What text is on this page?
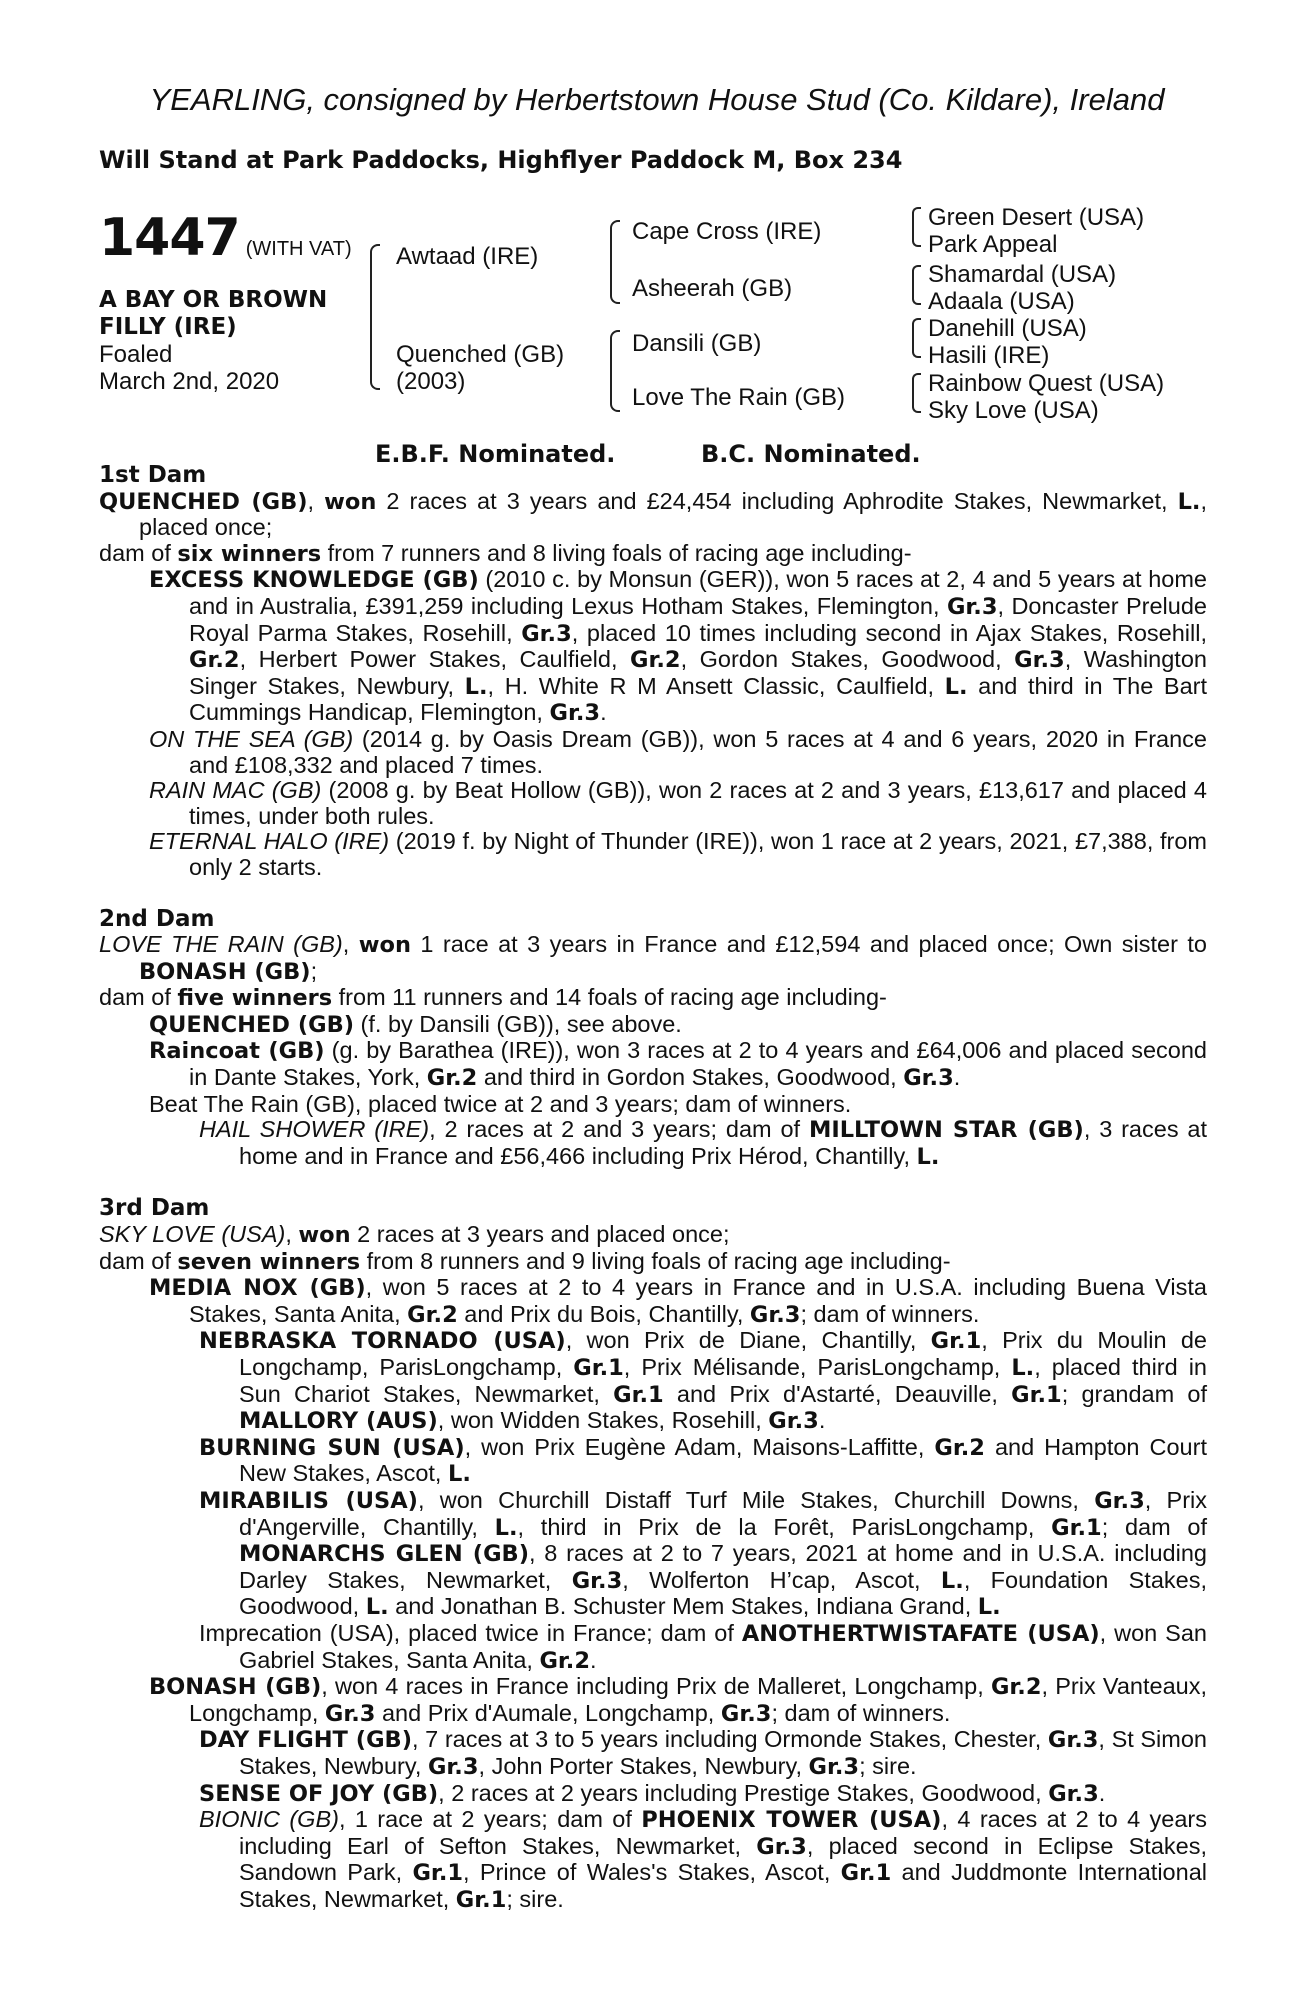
YEARLING, consigned by Herbertstown House Stud (Co. Kildare), Ireland
Will Stand at Park Paddocks, Highflyer Paddock M, Box 234
1447 (WITH VAT)
A BAY OR BROWN
FILLY (IRE)
Foaled
March 2nd, 2020
Awtaad (IRE)
Quenched (GB)
(2003)
Cape Cross (IRE)
Asheerah (GB)
Dansili (GB)
Love The Rain (GB)
Green Desert (USA)
Park Appeal
Shamardal (USA)
Adaala (USA)
Danehill (USA)
Hasili (IRE)
Rainbow Quest (USA)
Sky Love (USA)
E.B.F. Nominated.	B.C. Nominated.
1st Dam
QUENCHED (GB), won 2 races at 3 years and £24,454 including Aphrodite Stakes, Newmarket, L., placed once;
dam of six winners from 7 runners and 8 living foals of racing age including-
EXCESS KNOWLEDGE (GB) (2010 c. by Monsun (GER)), won 5 races at 2, 4 and 5 years at home and in Australia, £391,259 including Lexus Hotham Stakes, Flemington, Gr.3, Doncaster Prelude Royal Parma Stakes, Rosehill, Gr.3, placed 10 times including second in Ajax Stakes, Rosehill, Gr.2, Herbert Power Stakes, Caulfield, Gr.2, Gordon Stakes, Goodwood, Gr.3, Washington Singer Stakes, Newbury, L., H. White R M Ansett Classic, Caulfield, L. and third in The Bart Cummings Handicap, Flemington, Gr.3.
ON THE SEA (GB) (2014 g. by Oasis Dream (GB)), won 5 races at 4 and 6 years, 2020 in France and £108,332 and placed 7 times.
RAIN MAC (GB) (2008 g. by Beat Hollow (GB)), won 2 races at 2 and 3 years, £13,617 and placed 4 times, under both rules.
ETERNAL HALO (IRE) (2019 f. by Night of Thunder (IRE)), won 1 race at 2 years, 2021, £7,388, from only 2 starts.
2nd Dam
LOVE THE RAIN (GB), won 1 race at 3 years in France and £12,594 and placed once; Own sister to BONASH (GB);
dam of five winners from 11 runners and 14 foals of racing age including-
QUENCHED (GB) (f. by Dansili (GB)), see above.
Raincoat (GB) (g. by Barathea (IRE)), won 3 races at 2 to 4 years and £64,006 and placed second in Dante Stakes, York, Gr.2 and third in Gordon Stakes, Goodwood, Gr.3.
Beat The Rain (GB), placed twice at 2 and 3 years; dam of winners.
HAIL SHOWER (IRE), 2 races at 2 and 3 years; dam of MILLTOWN STAR (GB), 3 races at home and in France and £56,466 including Prix Hérod, Chantilly, L.
3rd Dam
SKY LOVE (USA), won 2 races at 3 years and placed once;
dam of seven winners from 8 runners and 9 living foals of racing age including-
MEDIA NOX (GB), won 5 races at 2 to 4 years in France and in U.S.A. including Buena Vista Stakes, Santa Anita, Gr.2 and Prix du Bois, Chantilly, Gr.3; dam of winners.
NEBRASKA TORNADO (USA), won Prix de Diane, Chantilly, Gr.1, Prix du Moulin de Longchamp, ParisLongchamp, Gr.1, Prix Mélisande, ParisLongchamp, L., placed third in Sun Chariot Stakes, Newmarket, Gr.1 and Prix d'Astarté, Deauville, Gr.1; grandam of MALLORY (AUS), won Widden Stakes, Rosehill, Gr.3.
BURNING SUN (USA), won Prix Eugène Adam, Maisons-Laffitte, Gr.2 and Hampton Court New Stakes, Ascot, L.
MIRABILIS (USA), won Churchill Distaff Turf Mile Stakes, Churchill Downs, Gr.3, Prix d'Angerville, Chantilly, L., third in Prix de la Forêt, ParisLongchamp, Gr.1; dam of MONARCHS GLEN (GB), 8 races at 2 to 7 years, 2021 at home and in U.S.A. including Darley Stakes, Newmarket, Gr.3, Wolferton H’cap, Ascot, L., Foundation Stakes, Goodwood, L. and Jonathan B. Schuster Mem Stakes, Indiana Grand, L.
Imprecation (USA), placed twice in France; dam of ANOTHERTWISTAFATE (USA), won San Gabriel Stakes, Santa Anita, Gr.2.
BONASH (GB), won 4 races in France including Prix de Malleret, Longchamp, Gr.2, Prix Vanteaux, Longchamp, Gr.3 and Prix d'Aumale, Longchamp, Gr.3; dam of winners.
DAY FLIGHT (GB), 7 races at 3 to 5 years including Ormonde Stakes, Chester, Gr.3, St Simon Stakes, Newbury, Gr.3, John Porter Stakes, Newbury, Gr.3; sire.
SENSE OF JOY (GB), 2 races at 2 years including Prestige Stakes, Goodwood, Gr.3.
BIONIC (GB), 1 race at 2 years; dam of PHOENIX TOWER (USA), 4 races at 2 to 4 years including Earl of Sefton Stakes, Newmarket, Gr.3, placed second in Eclipse Stakes, Sandown Park, Gr.1, Prince of Wales's Stakes, Ascot, Gr.1 and Juddmonte International Stakes, Newmarket, Gr.1; sire.
